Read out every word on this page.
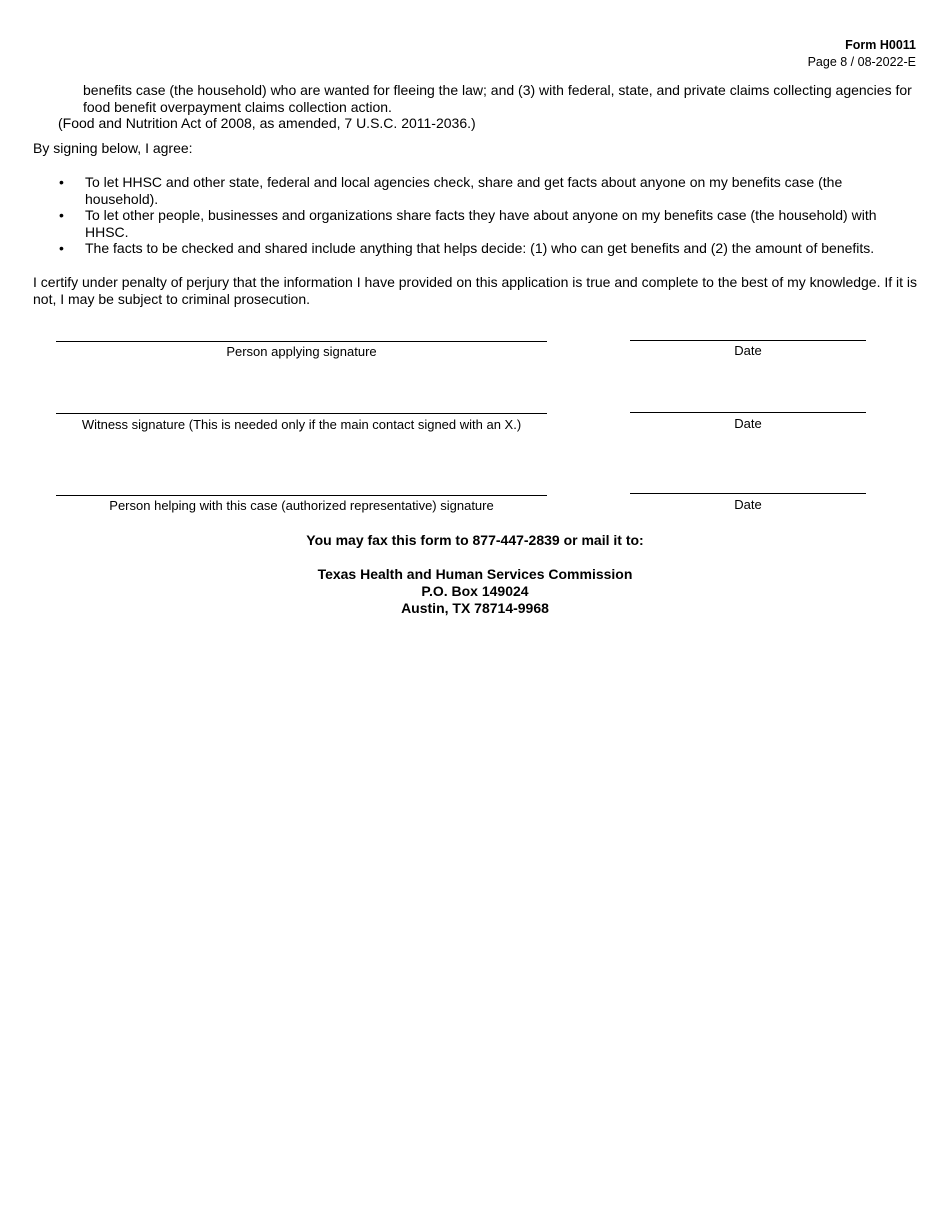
Form H0011
Page 8 / 08-2022-E
benefits case (the household) who are wanted for fleeing the law; and (3) with federal, state, and private claims collecting agencies for food benefit overpayment claims collection action.
(Food and Nutrition Act of 2008, as amended, 7 U.S.C. 2011-2036.)
By signing below, I agree:
• To let HHSC and other state, federal and local agencies check, share and get facts about anyone on my benefits case (the household).
• To let other people, businesses and organizations share facts they have about anyone on my benefits case (the household) with HHSC.
• The facts to be checked and shared include anything that helps decide: (1) who can get benefits and (2) the amount of benefits.
I certify under penalty of perjury that the information I have provided on this application is true and complete to the best of my knowledge. If it is not, I may be subject to criminal prosecution.
Person applying signature	Date
Witness signature (This is needed only if the main contact signed with an X.)	Date
Person helping with this case (authorized representative) signature	Date
You may fax this form to 877-447-2839 or mail it to:
Texas Health and Human Services Commission
P.O. Box 149024
Austin, TX 78714-9968
